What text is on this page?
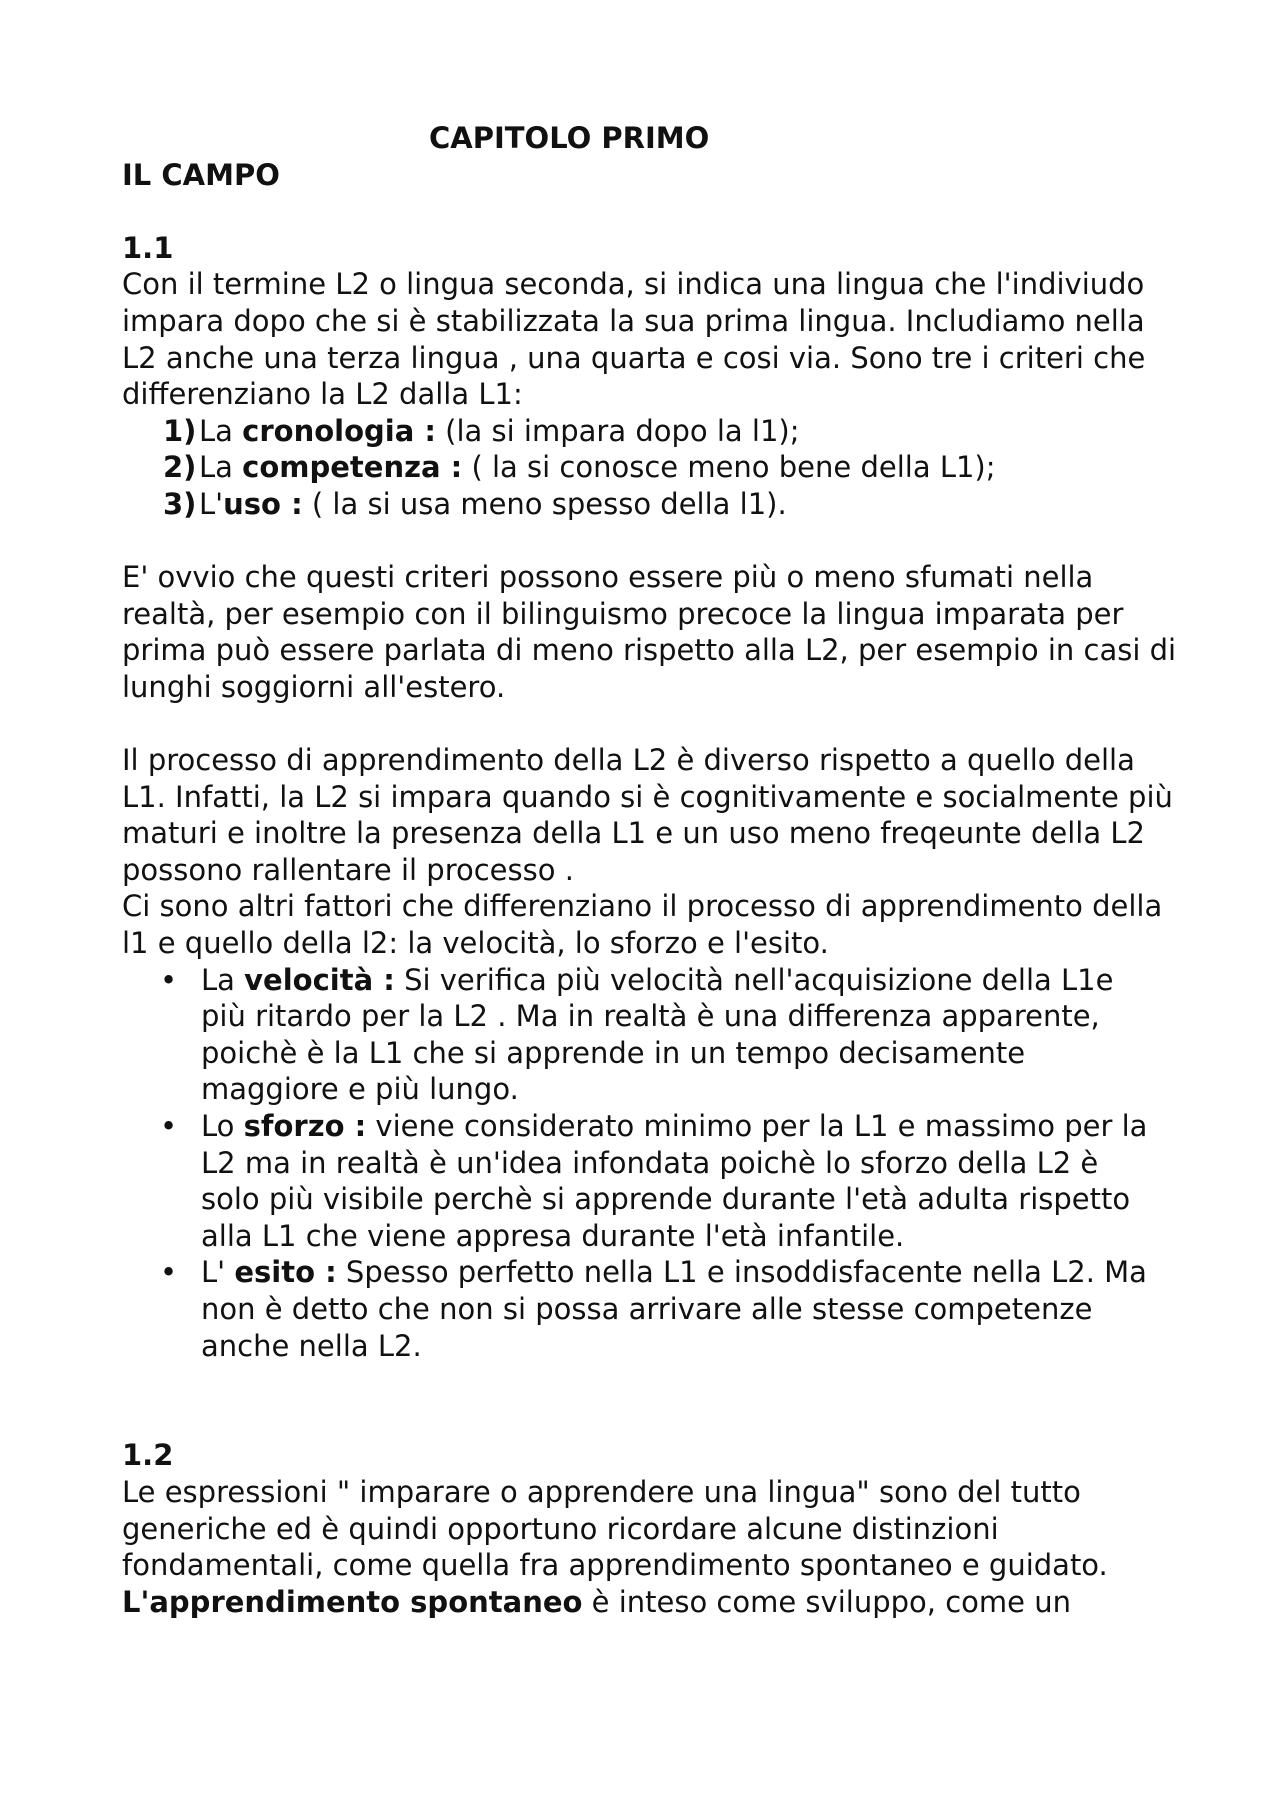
CAPITOLO PRIMO
IL CAMPO
1.1

Con il termine L2 o lingua seconda, si indica una lingua che l'indiviudo impara dopo che si è stabilizzata la sua prima lingua. Includiamo nella L2 anche una terza lingua , una quarta e cosi via. Sono tre i criteri che differenziano la L2 dalla L1:

1) La cronologia : (la si impara dopo la l1);
2) La competenza : ( la si conosce meno bene della L1);
3) L'uso : ( la si usa meno spesso della l1).

E' ovvio che questi criteri possono essere più o meno sfumati nella realtà, per esempio con il bilinguismo precoce la lingua imparata per prima può essere parlata di meno rispetto alla L2, per esempio in casi di lunghi soggiorni all'estero.

Il processo di apprendimento della L2 è diverso rispetto a quello della L1. Infatti, la L2 si impara quando si è cognitivamente e socialmente più maturi e inoltre la presenza della L1 e un uso meno freqeunte della L2 possono rallentare il processo .

Ci sono altri fattori che differenziano il processo di apprendimento della l1 e quello della l2: la velocità, lo sforzo e l'esito.

• La velocità : Si verifica più velocità nell'acquisizione della L1e più ritardo per la L2 . Ma in realtà è una differenza apparente, poichè è la L1 che si apprende in un tempo decisamente maggiore e più lungo.
• Lo sforzo : viene considerato minimo per la L1 e massimo per la L2 ma in realtà è un'idea infondata poichè lo sforzo della L2 è solo più visibile perchè si apprende durante l'età adulta rispetto alla L1 che viene appresa durante l'età infantile.
• L' esito : Spesso perfetto nella L1 e insoddisfacente nella L2. Ma non è detto che non si possa arrivare alle stesse competenze anche nella L2.
1.2

Le espressioni " imparare o apprendere una lingua" sono del tutto generiche ed è quindi opportuno ricordare alcune distinzioni fondamentali, come quella fra apprendimento spontaneo e guidato.

L'apprendimento spontaneo è inteso come sviluppo, come un
